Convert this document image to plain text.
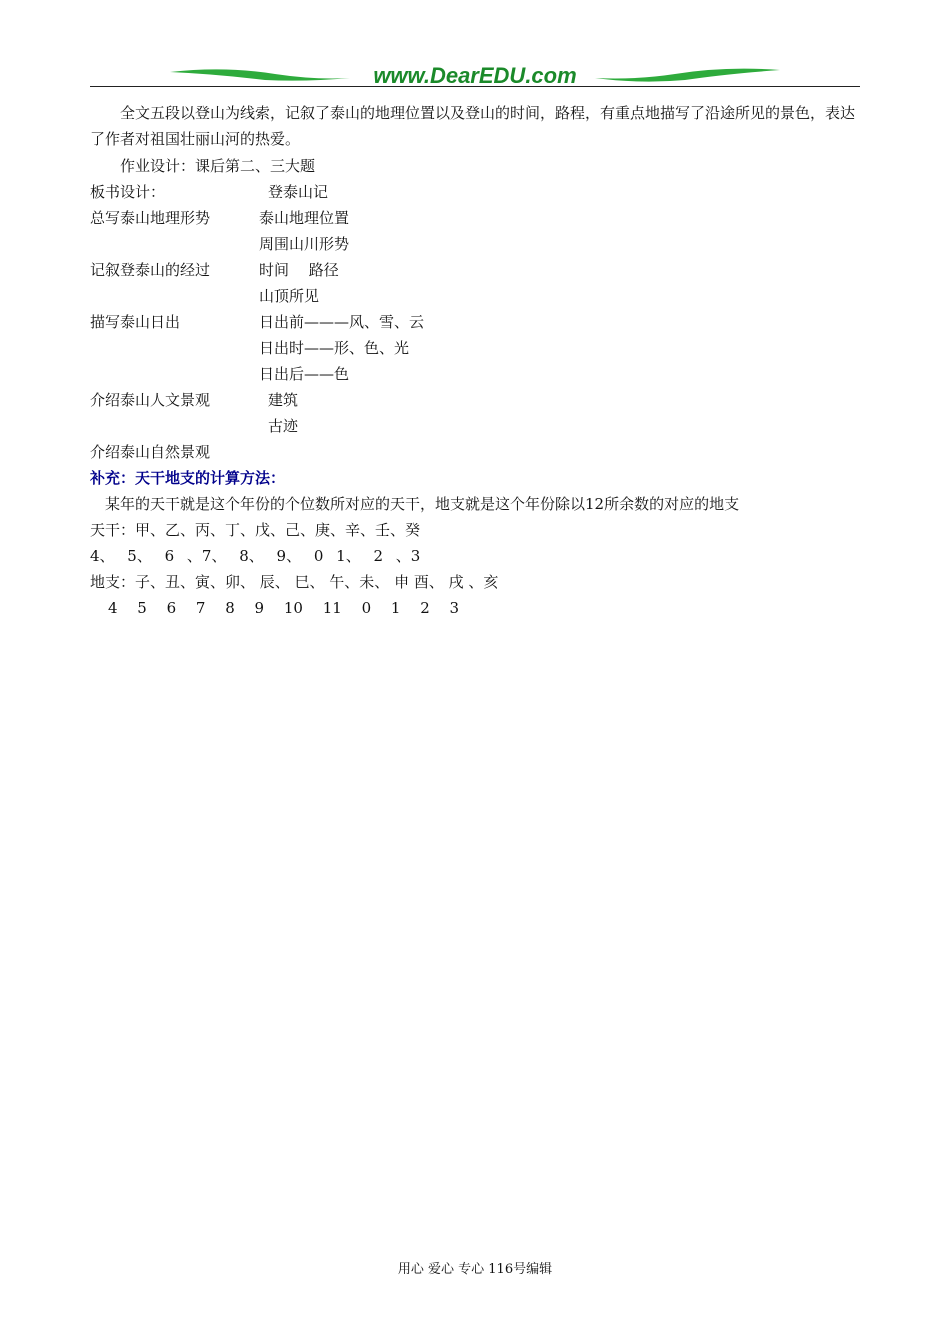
www.DearEDU.com

全文五段以登山为线索，记叙了泰山的地理位置以及登山的时间，路程，有重点地描写了沿途所见的景色，表达了作者对祖国壮丽山河的热爱。

作业设计：课后第二、三大题
板书设计：	登泰山记
总写泰山地理形势	泰山地理位置
周围山川形势
记叙登泰山的经过	时间　 路径
山顶所见
描写泰山日出	日出前———风、雪、云
日出时——形、色、光
日出后——色
介绍泰山人文景观	建筑
古迹
介绍泰山自然景观
补充：天干地支的计算方法：
某年的天干就是这个年份的个位数所对应的天干，地支就是这个年份除以12所余数的对应的地支
天干：甲、乙、丙、丁、戊、己、庚、辛、壬、癸
4、 5、 6 、7、 8、 9、 0 1、 2 、3
地支：子、丑、寅、卯、 辰、 巳、 午、未、 申 酉、 戌 、亥
4　 5　 6　 7　 8　 9　 10　 11　 0　 1　 2　 3
用心 爱心 专心 116号编辑
